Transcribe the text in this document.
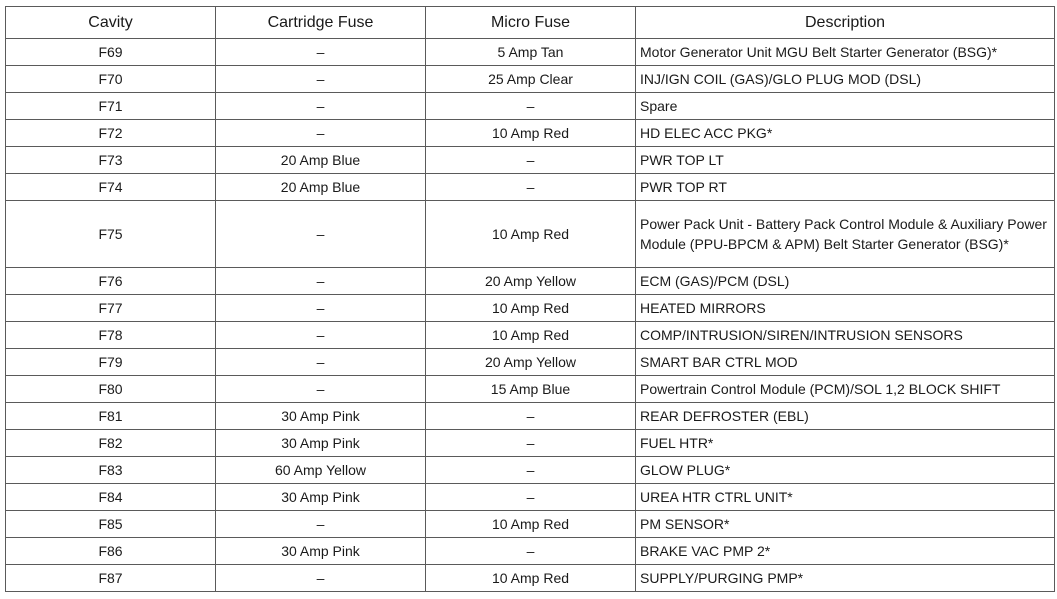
Cavity	Cartridge Fuse	Micro Fuse	Description
F69	–	5 Amp Tan	Motor Generator Unit MGU Belt Starter Generator (BSG)*
F70	–	25 Amp Clear	INJ/IGN COIL (GAS)/GLO PLUG MOD (DSL)
F71	–	–	Spare
F72	–	10 Amp Red	HD ELEC ACC PKG*
F73	20 Amp Blue	–	PWR TOP LT
F74	20 Amp Blue	–	PWR TOP RT
F75	–	10 Amp Red	Power Pack Unit - Battery Pack Control Module & Auxiliary Power Module (PPU-BPCM & APM) Belt Starter Generator (BSG)*
F76	–	20 Amp Yellow	ECM (GAS)/PCM (DSL)
F77	–	10 Amp Red	HEATED MIRRORS
F78	–	10 Amp Red	COMP/INTRUSION/SIREN/INTRUSION SENSORS
F79	–	20 Amp Yellow	SMART BAR CTRL MOD
F80	–	15 Amp Blue	Powertrain Control Module (PCM)/SOL 1,2 BLOCK SHIFT
F81	30 Amp Pink	–	REAR DEFROSTER (EBL)
F82	30 Amp Pink	–	FUEL HTR*
F83	60 Amp Yellow	–	GLOW PLUG*
F84	30 Amp Pink	–	UREA HTR CTRL UNIT*
F85	–	10 Amp Red	PM SENSOR*
F86	30 Amp Pink	–	BRAKE VAC PMP 2*
F87	–	10 Amp Red	SUPPLY/PURGING PMP*
